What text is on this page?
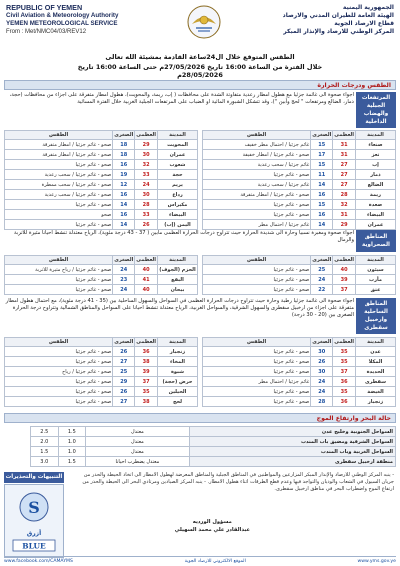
REPUBLIC OF YEMEN
Civil Aviation & Meteorology Authority
YEMEN METEOROLOGICAL SERVICE
From : Met/NMC04/03/REV12
الجمهورية اليمنية
الهيئة العامة للطيران المدني والارصاد
قطاع الارصاد الجوية
المركز الوطني للارصاد والإنذار المبكر
الطقس المتوقع خلال ال24ساعة القادمة بمشيئة الله تعالى
خلال الفترة من الساعة 16:00 تاريخ 27/05/2026م حتى الساعة 16:00 تاريخ 28/05/2026م
الطقس ودرجات الحرارة
المرتفعات الجبلية والهضاب الداخلية
أجواء صحوة الى غائمة جزئيا مع هطول امطار رعدية متفاوتة الشدة على محافظات ( إب، ريمة، والمحويت)، هطول امطار متفرقة على أجزاء من محافظات (حجة، ذمار، الضالع ومرتفعات " لحج وأبين ")، وقد تتشكل الشبورة المائية او الضباب على المرتفعات الجبلية الغربية خلال الفترة المسائية
المدينة	العظمى	الصغرى	الطقس
صنعاء	31	15	غائم جزئيا / احتمال مطر خفيف
تعز	31	17	صحو - غائم جزئيا / امطار خفيفة
إب	27	15	غائم جزئيا / سحب رعدية
ذمار	27	11	صحو - غائم جزئيا
الضالع	27	14	غائم جزئيا / سحب رعدية
ريمة	28	16	صحو - غائم جزئيا / امطار متفرقة
صعدة	32	15	صحو - غائم جزئيا
البيضاء	31	16	صحو - غائم جزئيا
عمران	29	14	غائم جزئيا / احتمال مطر
المدينة	العظمى	الصغرى	الطقس
المحويت	29	18	صحو - غائم جزئيا / امطار متفرقة
عمران	30	18	صحو - غائم جزئيا / امطار متفرقة
شعوب	32	16	صحو - غائم جزئيا
حجة	33	19	صحو - غائم جزئيا / سحب رعدية
يريم	24	12	صحو - غائم جزئيا / سحب ممطرة
رداع	30	16	صحو - غائم جزئيا / سحب رعدية
مكيراس	28	14	صحو - غائم جزئيا
البيضاء	33	16	صحو
اليمن (إب)	26	14	صحو - غائم جزئيا
المناطق الصحراوية
أجواء صحوة ومغبرة نسبياً وحارة الى شديدة الحرارة حيث تتراوح درجات الحرارة العظمى مابين ( 37 - 43 درجة مئوية)، الرياح معتدلة تنشط احيانا مثيرة للاتربة والرمال
المدينة	العظمى	الصغرى	الطقس
سيئون	40	25	صحو - غائم جزئيا
مأرب	39	24	صحو - غائم جزئيا
عتق	37	22	صحو - غائم جزئيا
المدينة	العظمى	الصغرى	الطقس
الحزم (الجوف)	40	24	صحو - غائم جزئيا / رياح مثيرة للاتربة
البقع	41	23	صحو - غائم جزئيا
بيحان	40	24	صحو - غائم جزئيا
المناطق الساحلية وارخبيل سقطرى
أجواء صحوة الى غائمة جزئياً رطبة وحارة حيث تتراوح درجات الحرارة العظمى في السواحل والسهول الساحلية بين (35 - 41 درجة مئوية)، مع احتمال هطول امطار متفرقة على اجزاء من ارخبيل سقطرى والسهول الشرقية، والسواحل الغربية، الرياح معتدلة تنشط احيانا على السواحل والمناطق الشمالية وتتراوح درجة الحرارة الصغرى بين (20 - 30 درجة)
المدينة	العظمى	الصغرى	الطقس
عدن	35	30	صحو - غائم جزئيا
المكلا	35	26	صحو - غائم جزئيا
الحديدة	37	30	صحو - غائم جزئيا
سقطرى	36	24	غائم جزئيا / احتمال مطر
الغيضة	35	24	صحو - غائم جزئيا
زنجبار	36	28	صحو - غائم جزئيا
المدينة	العظمى	الصغرى	الطقس
زنجبار	36	26	صحو - غائم جزئيا
المخاء	38	27	صحو - غائم جزئيا
شبوة	39	25	صحو - غائم جزئيا / رياح
حرض (حجة)	37	29	صحو - غائم جزئيا
الحيلين	35	26	صحو - غائم جزئيا
لحج	38	27	صحو - غائم جزئيا
حالة البحر وارتفاع الموج
السواحل الجنوبية وخليج عدن	معتدل	1.5	2.5
السواحل الشرقية ومضيق باب المندب	معتدل	1.0	2.0
السواحل الغربية وباب المندب	معتدل	1.0	1.5
منطقة ارخبيل سقطرى	معتدل يضطرب احيانا	1.5	3.0
التنبيهات والتحذيرات
S
أزرق
BLUE
- ينبه المركز الوطني للارصاد والإنذار المبكر المزارعين والمواطنين في المناطق الجبلية والمناطق المعرضة لهطول الامطار الى اتخاذ الحيطة والحذر من جريان السيول في الشعاب والوديان والتواجد فيها وعدم قطع الطرقات اثناء هطول الامطار. - ينبه المركز الصيادين ومرتادي البحر الى الحيطة والحذر من ارتفاع الموج واضطراب البحر في مناطق ارخبيل سقطرى.
مسؤول الورديه
عبدالقادر علي محمد السهيلي
www.facebook.com/CAMAYMS	الموقع الالكتروني للارصاد الجوية	www.yms.gov.ye
